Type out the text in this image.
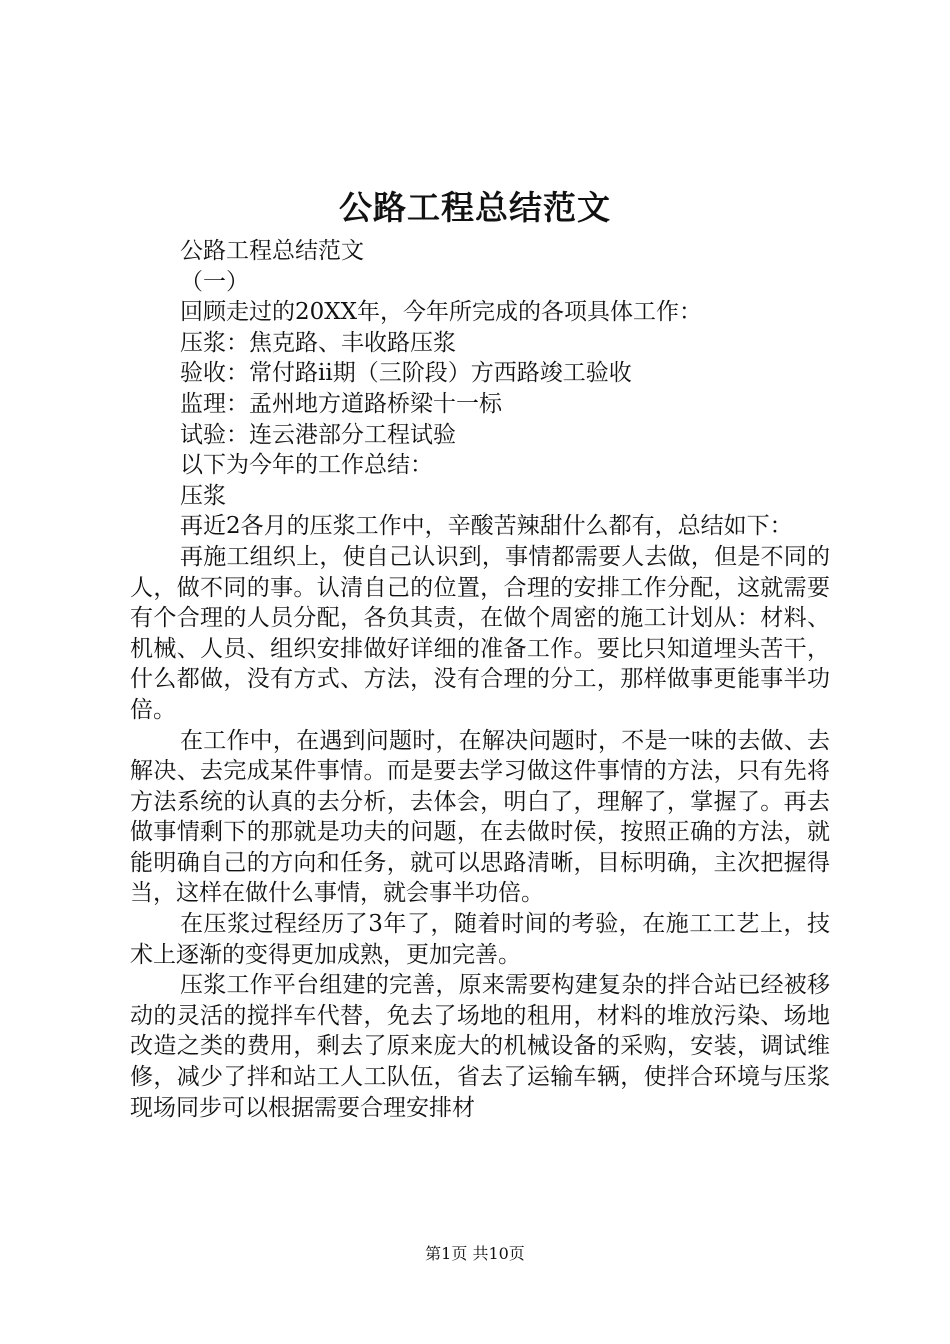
公路工程总结范文

公路工程总结范文

（一）

回顾走过的20XX年，今年所完成的各项具体工作：

压浆：焦克路、丰收路压浆

验收：常付路ii期（三阶段）方西路竣工验收

监理：孟州地方道路桥梁十一标

试验：连云港部分工程试验

以下为今年的工作总结：

压浆

再近2各月的压浆工作中，辛酸苦辣甜什么都有，总结如下：

再施工组织上，使自己认识到，事情都需要人去做，但是不同的人，做不同的事。认清自己的位置，合理的安排工作分配，这就需要有个合理的人员分配，各负其责，在做个周密的施工计划从：材料、机械、人员、组织安排做好详细的准备工作。要比只知道埋头苦干，什么都做，没有方式、方法，没有合理的分工，那样做事更能事半功倍。

在工作中，在遇到问题时，在解决问题时，不是一味的去做、去解决、去完成某件事情。而是要去学习做这件事情的方法，只有先将方法系统的认真的去分析，去体会，明白了，理解了，掌握了。再去做事情剩下的那就是功夫的问题，在去做时侯，按照正确的方法，就能明确自己的方向和任务，就可以思路清晰，目标明确，主次把握得当，这样在做什么事情，就会事半功倍。

在压浆过程经历了3年了，随着时间的考验，在施工工艺上，技术上逐渐的变得更加成熟，更加完善。

压浆工作平台组建的完善，原来需要构建复杂的拌合站已经被移动的灵活的搅拌车代替，免去了场地的租用，材料的堆放污染、场地改造之类的费用，剩去了原来庞大的机械设备的采购，安装，调试维修，减少了拌和站工人工队伍，省去了运输车辆，使拌合环境与压浆现场同步可以根据需要合理安排材

第1页 共10页
